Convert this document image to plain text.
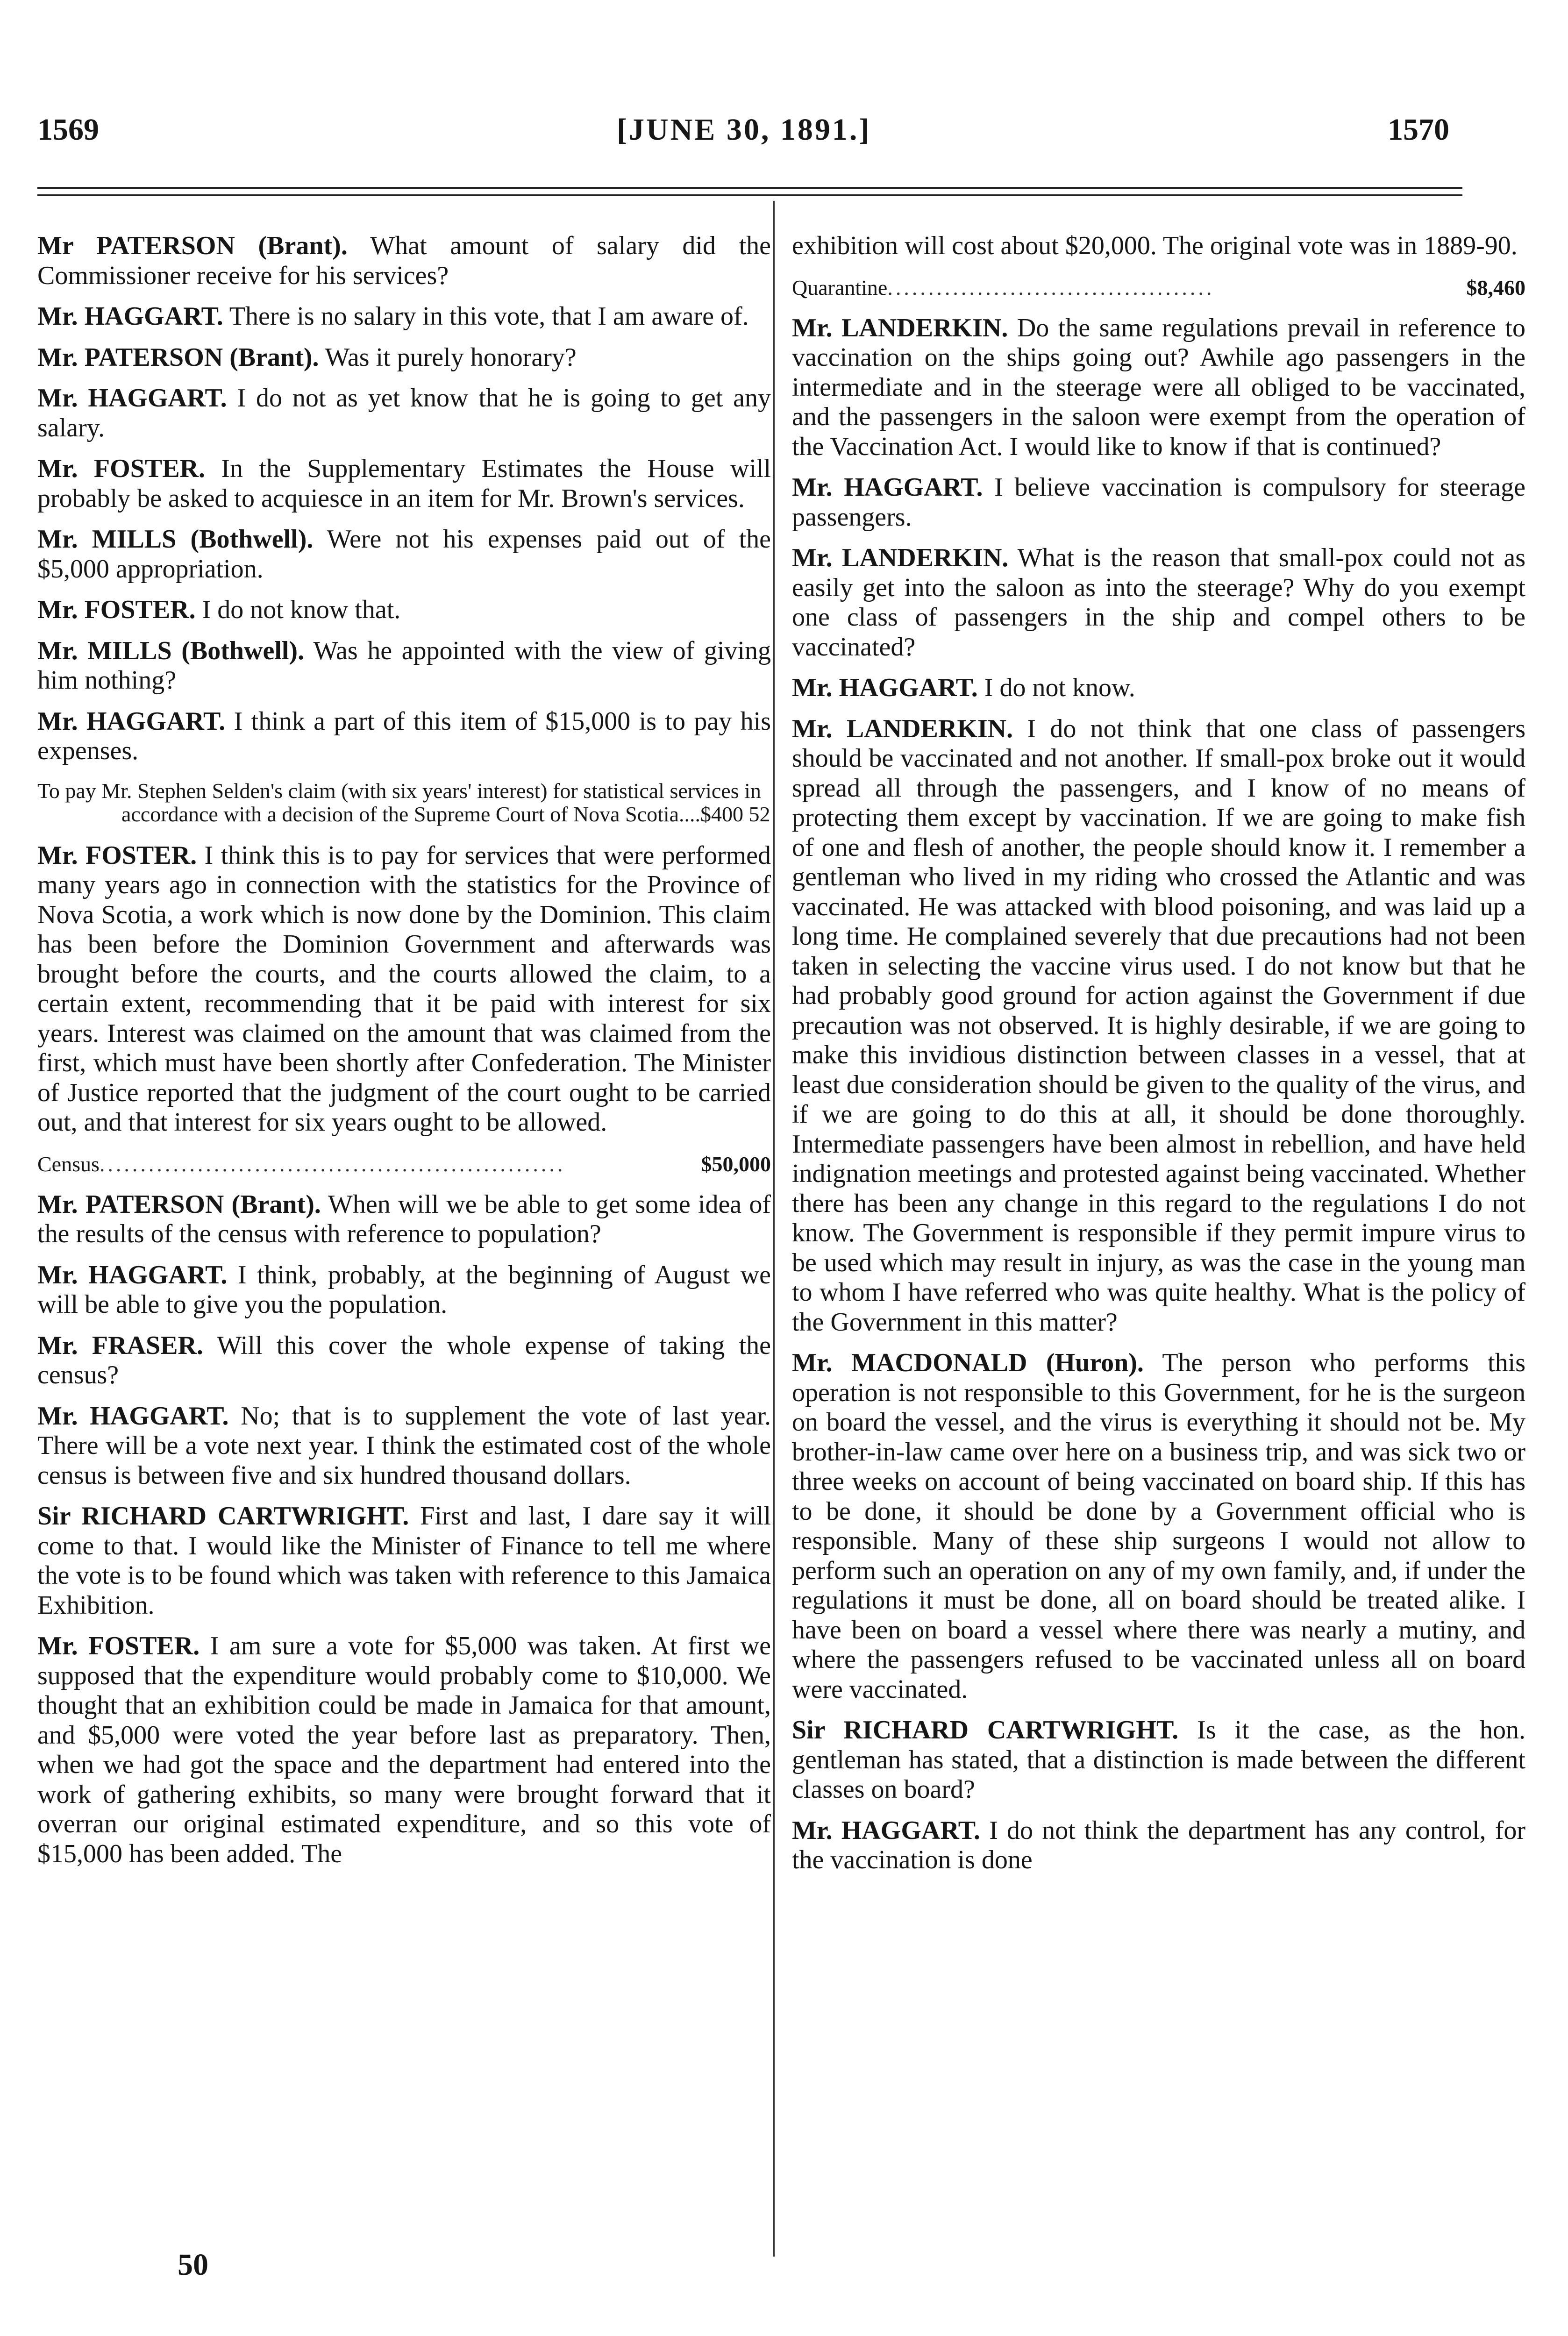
1569	[JUNE 30, 1891.]	1570

Mr PATERSON (Brant). What amount of salary did the Commissioner receive for his services?

Mr. HAGGART. There is no salary in this vote, that I am aware of.

Mr. PATERSON (Brant). Was it purely honorary?

Mr. HAGGART. I do not as yet know that he is going to get any salary.

Mr. FOSTER. In the Supplementary Estimates the House will probably be asked to acquiesce in an item for Mr. Brown's services.

Mr. MILLS (Bothwell). Were not his expenses paid out of the $5,000 appropriation.

Mr. FOSTER. I do not know that.

Mr. MILLS (Bothwell). Was he appointed with the view of giving him nothing?

Mr. HAGGART. I think a part of this item of $15,000 is to pay his expenses.

To pay Mr. Stephen Selden's claim (with six years' interest) for statistical services in accordance with a decision of the Supreme Court of Nova Scotia....$400 52

Mr. FOSTER. I think this is to pay for services that were performed many years ago in connection with the statistics for the Province of Nova Scotia, a work which is now done by the Dominion. This claim has been before the Dominion Government and afterwards was brought before the courts, and the courts allowed the claim, to a certain extent, recommending that it be paid with interest for six years. Interest was claimed on the amount that was claimed from the first, which must have been shortly after Confederation. The Minister of Justice reported that the judgment of the court ought to be carried out, and that interest for six years ought to be allowed.

Census .........................................................	$50,000

Mr. PATERSON (Brant). When will we be able to get some idea of the results of the census with reference to population?

Mr. HAGGART. I think, probably, at the beginning of August we will be able to give you the population.

Mr. FRASER. Will this cover the whole expense of taking the census?

Mr. HAGGART. No; that is to supplement the vote of last year. There will be a vote next year. I think the estimated cost of the whole census is between five and six hundred thousand dollars.

Sir RICHARD CARTWRIGHT. First and last, I dare say it will come to that. I would like the Minister of Finance to tell me where the vote is to be found which was taken with reference to this Jamaica Exhibition.

Mr. FOSTER. I am sure a vote for $5,000 was taken. At first we supposed that the expenditure would probably come to $10,000. We thought that an exhibition could be made in Jamaica for that amount, and $5,000 were voted the year before last as preparatory. Then, when we had got the space and the department had entered into the work of gathering exhibits, so many were brought forward that it overran our original estimated expenditure, and so this vote of $15,000 has been added. The

50

exhibition will cost about $20,000. The original vote was in 1889-90.

Quarantine ........................................	$8,460

Mr. LANDERKIN. Do the same regulations prevail in reference to vaccination on the ships going out? Awhile ago passengers in the intermediate and in the steerage were all obliged to be vaccinated, and the passengers in the saloon were exempt from the operation of the Vaccination Act. I would like to know if that is continued?

Mr. HAGGART. I believe vaccination is compulsory for steerage passengers.

Mr. LANDERKIN. What is the reason that small-pox could not as easily get into the saloon as into the steerage? Why do you exempt one class of passengers in the ship and compel others to be vaccinated?

Mr. HAGGART. I do not know.

Mr. LANDERKIN. I do not think that one class of passengers should be vaccinated and not another. If small-pox broke out it would spread all through the passengers, and I know of no means of protecting them except by vaccination. If we are going to make fish of one and flesh of another, the people should know it. I remember a gentleman who lived in my riding who crossed the Atlantic and was vaccinated. He was attacked with blood poisoning, and was laid up a long time. He complained severely that due precautions had not been taken in selecting the vaccine virus used. I do not know but that he had probably good ground for action against the Government if due precaution was not observed. It is highly desirable, if we are going to make this invidious distinction between classes in a vessel, that at least due consideration should be given to the quality of the virus, and if we are going to do this at all, it should be done thoroughly. Intermediate passengers have been almost in rebellion, and have held indignation meetings and protested against being vaccinated. Whether there has been any change in this regard to the regulations I do not know. The Government is responsible if they permit impure virus to be used which may result in injury, as was the case in the young man to whom I have referred who was quite healthy. What is the policy of the Government in this matter?

Mr. MACDONALD (Huron). The person who performs this operation is not responsible to this Government, for he is the surgeon on board the vessel, and the virus is everything it should not be. My brother-in-law came over here on a business trip, and was sick two or three weeks on account of being vaccinated on board ship. If this has to be done, it should be done by a Government official who is responsible. Many of these ship surgeons I would not allow to perform such an operation on any of my own family, and, if under the regulations it must be done, all on board should be treated alike. I have been on board a vessel where there was nearly a mutiny, and where the passengers refused to be vaccinated unless all on board were vaccinated.

Sir RICHARD CARTWRIGHT. Is it the case, as the hon. gentleman has stated, that a distinction is made between the different classes on board?

Mr. HAGGART. I do not think the department has any control, for the vaccination is done
